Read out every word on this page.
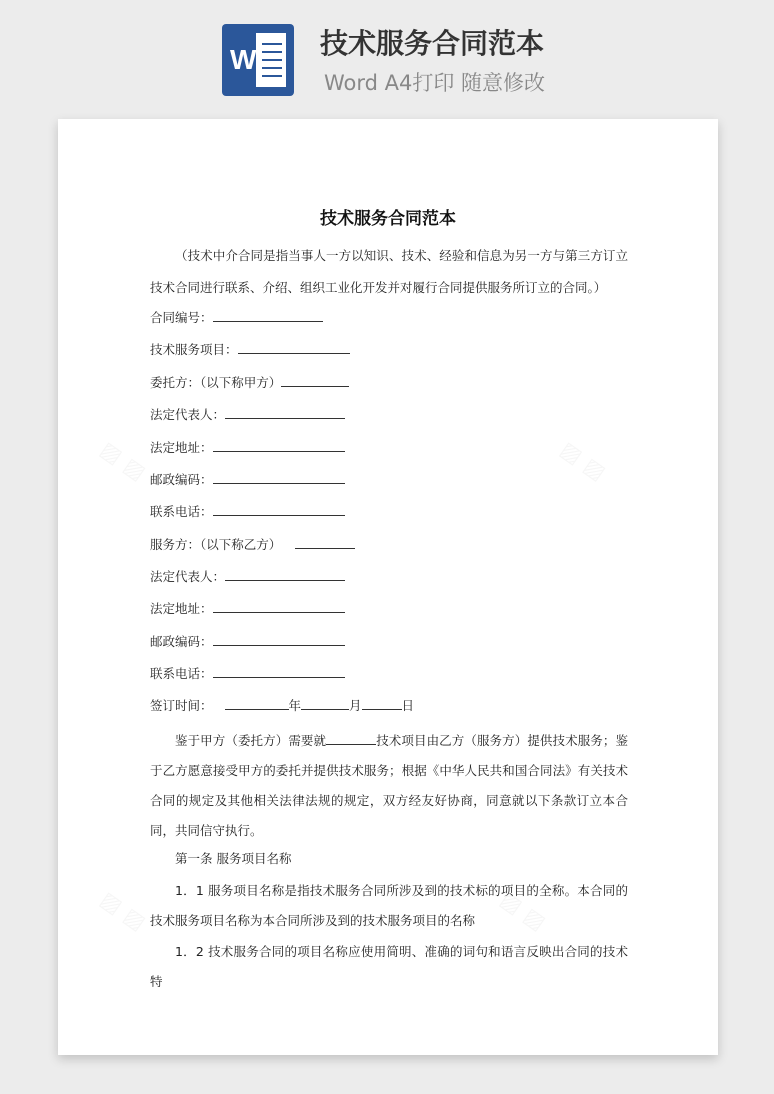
W 技术服务合同范本
Word A4打印 随意修改
技术服务合同范本
（技术中介合同是指当事人一方以知识、技术、经验和信息为另一方与第三方订立技术合同进行联系、介绍、组织工业化开发并对履行合同提供服务所订立的合同。）
合同编号：
技术服务项目：
委托方：（以下称甲方）
法定代表人：
法定地址：
邮政编码：
联系电话：
服务方：（以下称乙方）
法定代表人：
法定地址：
邮政编码：
联系电话：
签订时间：	年	月	日
鉴于甲方（委托方）需要就	技术项目由乙方（服务方）提供技术服务；鉴于乙方愿意接受甲方的委托并提供技术服务；根据《中华人民共和国合同法》有关技术合同的规定及其他相关法律法规的规定，双方经友好协商，同意就以下条款订立本合同，共同信守执行。
第一条 服务项目名称
1．1 服务项目名称是指技术服务合同所涉及到的技术标的项目的全称。本合同的技术服务项目名称为本合同所涉及到的技术服务项目的名称
1．2 技术服务合同的项目名称应使用简明、准确的词句和语言反映出合同的技术特
